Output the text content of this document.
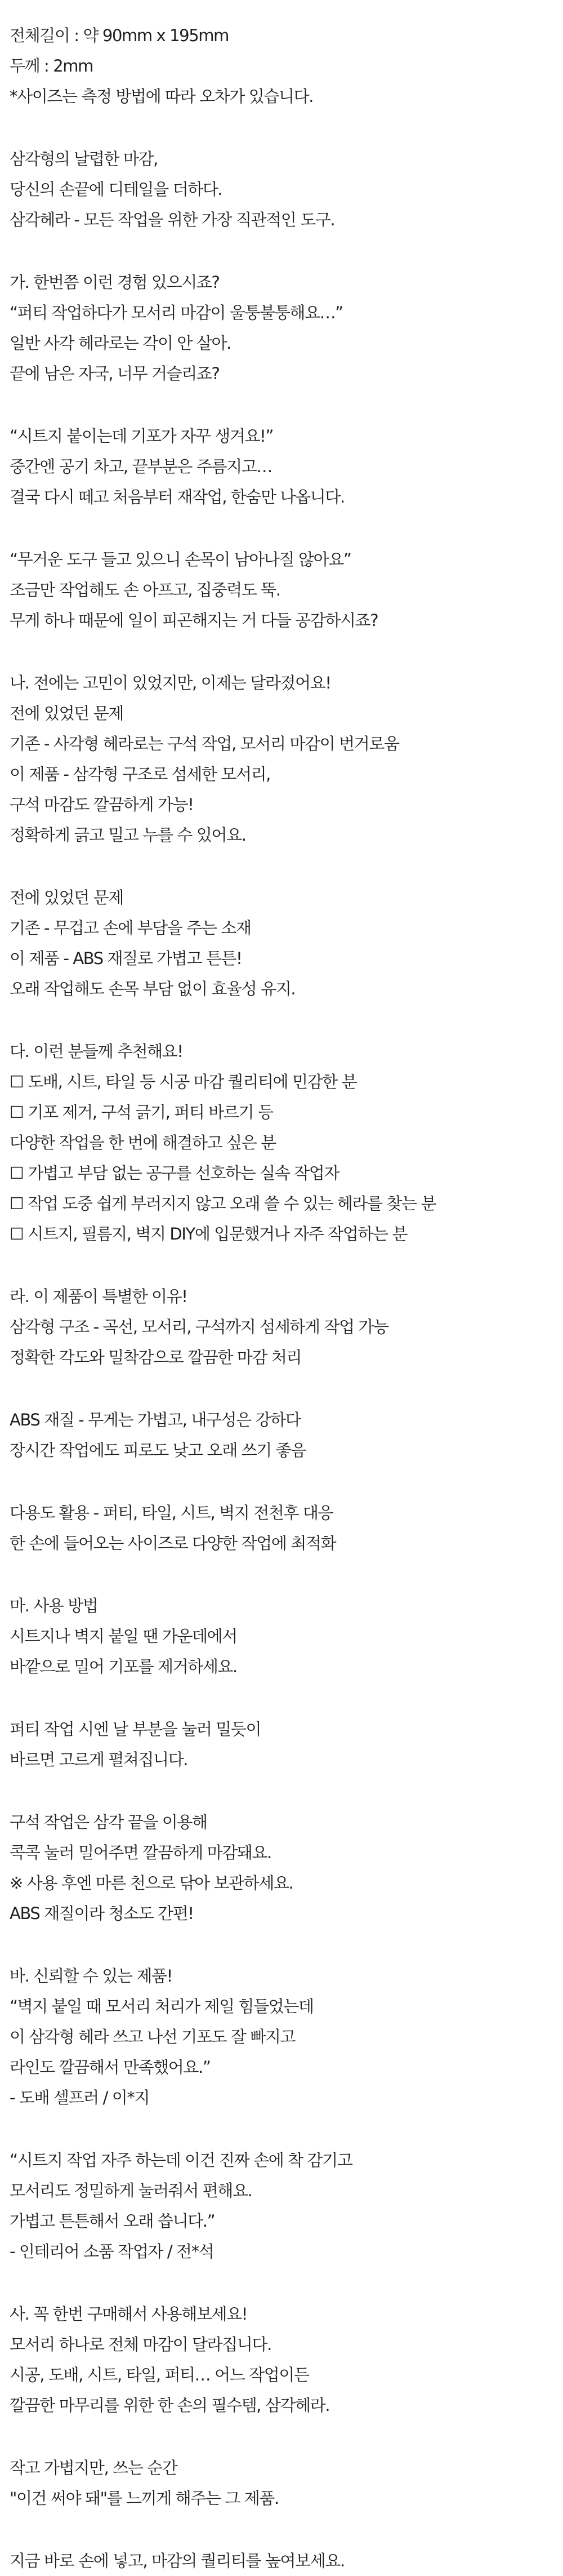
전체길이 : 약 90mm x 195mm
두께 : 2mm
*사이즈는 측정 방법에 따라 오차가 있습니다.
삼각형의 날렵한 마감,
당신의 손끝에 디테일을 더하다.
삼각헤라 - 모든 작업을 위한 가장 직관적인 도구.
가. 한번쯤 이런 경험 있으시죠?
“퍼티 작업하다가 모서리 마감이 울퉁불퉁해요…”
일반 사각 헤라로는 각이 안 살아.
끝에 남은 자국, 너무 거슬리죠?
“시트지 붙이는데 기포가 자꾸 생겨요!”
중간엔 공기 차고, 끝부분은 주름지고…
결국 다시 떼고 처음부터 재작업, 한숨만 나옵니다.
“무거운 도구 들고 있으니 손목이 남아나질 않아요”
조금만 작업해도 손 아프고, 집중력도 뚝.
무게 하나 때문에 일이 피곤해지는 거 다들 공감하시죠?
나. 전에는 고민이 있었지만, 이제는 달라졌어요!
전에 있었던 문제
기존 - 사각형 헤라로는 구석 작업, 모서리 마감이 번거로움
이 제품 - 삼각형 구조로 섬세한 모서리,
구석 마감도 깔끔하게 가능!
정확하게 긁고 밀고 누를 수 있어요.
전에 있었던 문제
기존 - 무겁고 손에 부담을 주는 소재
이 제품 - ABS 재질로 가볍고 튼튼!
오래 작업해도 손목 부담 없이 효율성 유지.
다. 이런 분들께 추천해요!
☐ 도배, 시트, 타일 등 시공 마감 퀄리티에 민감한 분
☐ 기포 제거, 구석 긁기, 퍼티 바르기 등
다양한 작업을 한 번에 해결하고 싶은 분
☐ 가볍고 부담 없는 공구를 선호하는 실속 작업자
☐ 작업 도중 쉽게 부러지지 않고 오래 쓸 수 있는 헤라를 찾는 분
☐ 시트지, 필름지, 벽지 DIY에 입문했거나 자주 작업하는 분
라. 이 제품이 특별한 이유!
삼각형 구조 - 곡선, 모서리, 구석까지 섬세하게 작업 가능
정확한 각도와 밀착감으로 깔끔한 마감 처리
ABS 재질 - 무게는 가볍고, 내구성은 강하다
장시간 작업에도 피로도 낮고 오래 쓰기 좋음
다용도 활용 - 퍼티, 타일, 시트, 벽지 전천후 대응
한 손에 들어오는 사이즈로 다양한 작업에 최적화
마. 사용 방법
시트지나 벽지 붙일 땐 가운데에서
바깥으로 밀어 기포를 제거하세요.
퍼티 작업 시엔 날 부분을 눌러 밀듯이
바르면 고르게 펼쳐집니다.
구석 작업은 삼각 끝을 이용해
콕콕 눌러 밀어주면 깔끔하게 마감돼요.
※ 사용 후엔 마른 천으로 닦아 보관하세요.
ABS 재질이라 청소도 간편!
바. 신뢰할 수 있는 제품!
“벽지 붙일 때 모서리 처리가 제일 힘들었는데
이 삼각형 헤라 쓰고 나선 기포도 잘 빠지고
라인도 깔끔해서 만족했어요.”
- 도배 셀프러 / 이*지
“시트지 작업 자주 하는데 이건 진짜 손에 착 감기고
모서리도 정밀하게 눌러줘서 편해요.
가볍고 튼튼해서 오래 씁니다.”
- 인테리어 소품 작업자 / 전*석
사. 꼭 한번 구매해서 사용해보세요!
모서리 하나로 전체 마감이 달라집니다.
시공, 도배, 시트, 타일, 퍼티… 어느 작업이든
깔끔한 마무리를 위한 한 손의 필수템, 삼각헤라.
작고 가볍지만, 쓰는 순간
"이건 써야 돼"를 느끼게 해주는 그 제품.
지금 바로 손에 넣고, 마감의 퀄리티를 높여보세요.
